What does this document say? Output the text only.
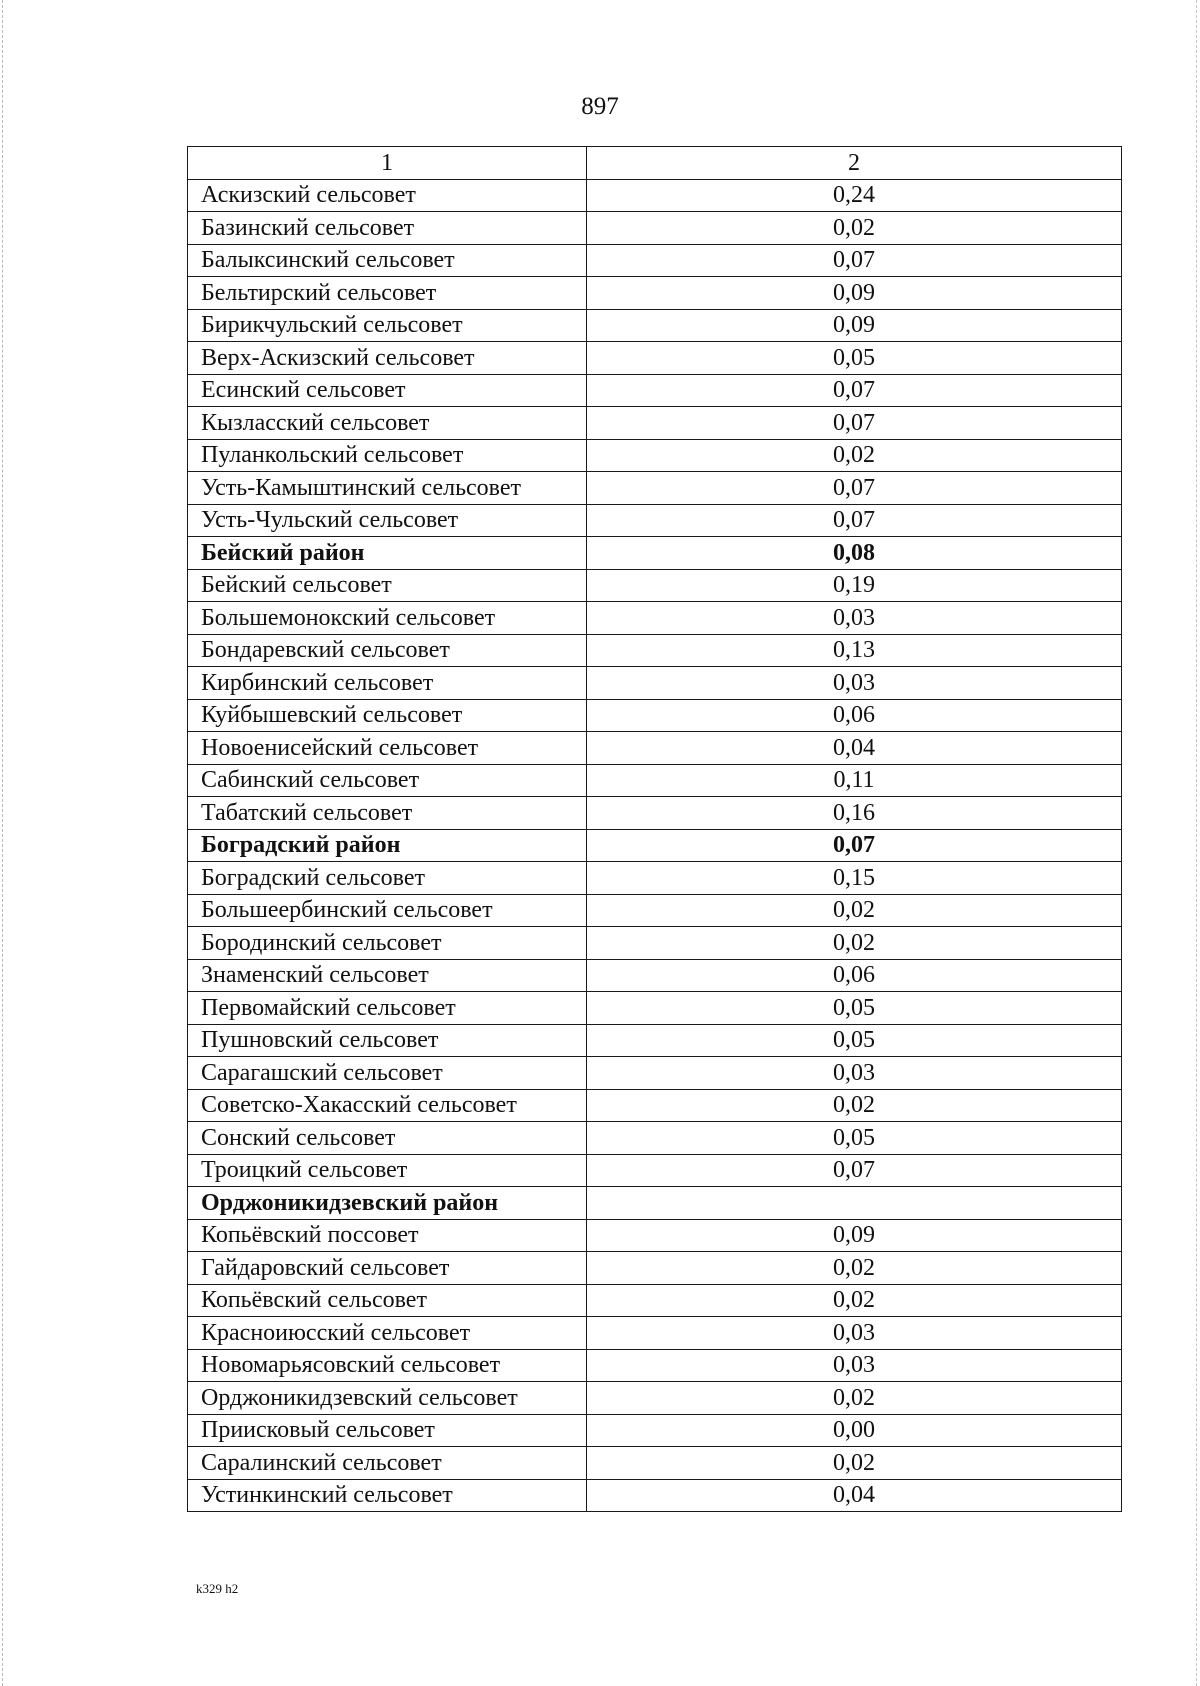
897
1	2
Аскизский сельсовет	0,24
Базинский сельсовет	0,02
Балыксинский сельсовет	0,07
Бельтирский сельсовет	0,09
Бирикчульский сельсовет	0,09
Верх-Аскизский сельсовет	0,05
Есинский сельсовет	0,07
Кызласский сельсовет	0,07
Пуланкольский сельсовет	0,02
Усть-Камыштинский сельсовет	0,07
Усть-Чульский сельсовет	0,07
Бейский район	0,08
Бейский сельсовет	0,19
Большемонокский сельсовет	0,03
Бондаревский сельсовет	0,13
Кирбинский сельсовет	0,03
Куйбышевский сельсовет	0,06
Новоенисейский сельсовет	0,04
Сабинский сельсовет	0,11
Табатский сельсовет	0,16
Боградский район	0,07
Боградский сельсовет	0,15
Большеербинский сельсовет	0,02
Бородинский сельсовет	0,02
Знаменский сельсовет	0,06
Первомайский сельсовет	0,05
Пушновский сельсовет	0,05
Сарагашский сельсовет	0,03
Советско-Хакасский сельсовет	0,02
Сонский сельсовет	0,05
Троицкий сельсовет	0,07
Орджоникидзевский район	
Копьёвский поссовет	0,09
Гайдаровский сельсовет	0,02
Копьёвский сельсовет	0,02
Красноиюсский сельсовет	0,03
Новомарьясовский сельсовет	0,03
Орджоникидзевский сельсовет	0,02
Приисковый сельсовет	0,00
Саралинский сельсовет	0,02
Устинкинский сельсовет	0,04
k329 h2
